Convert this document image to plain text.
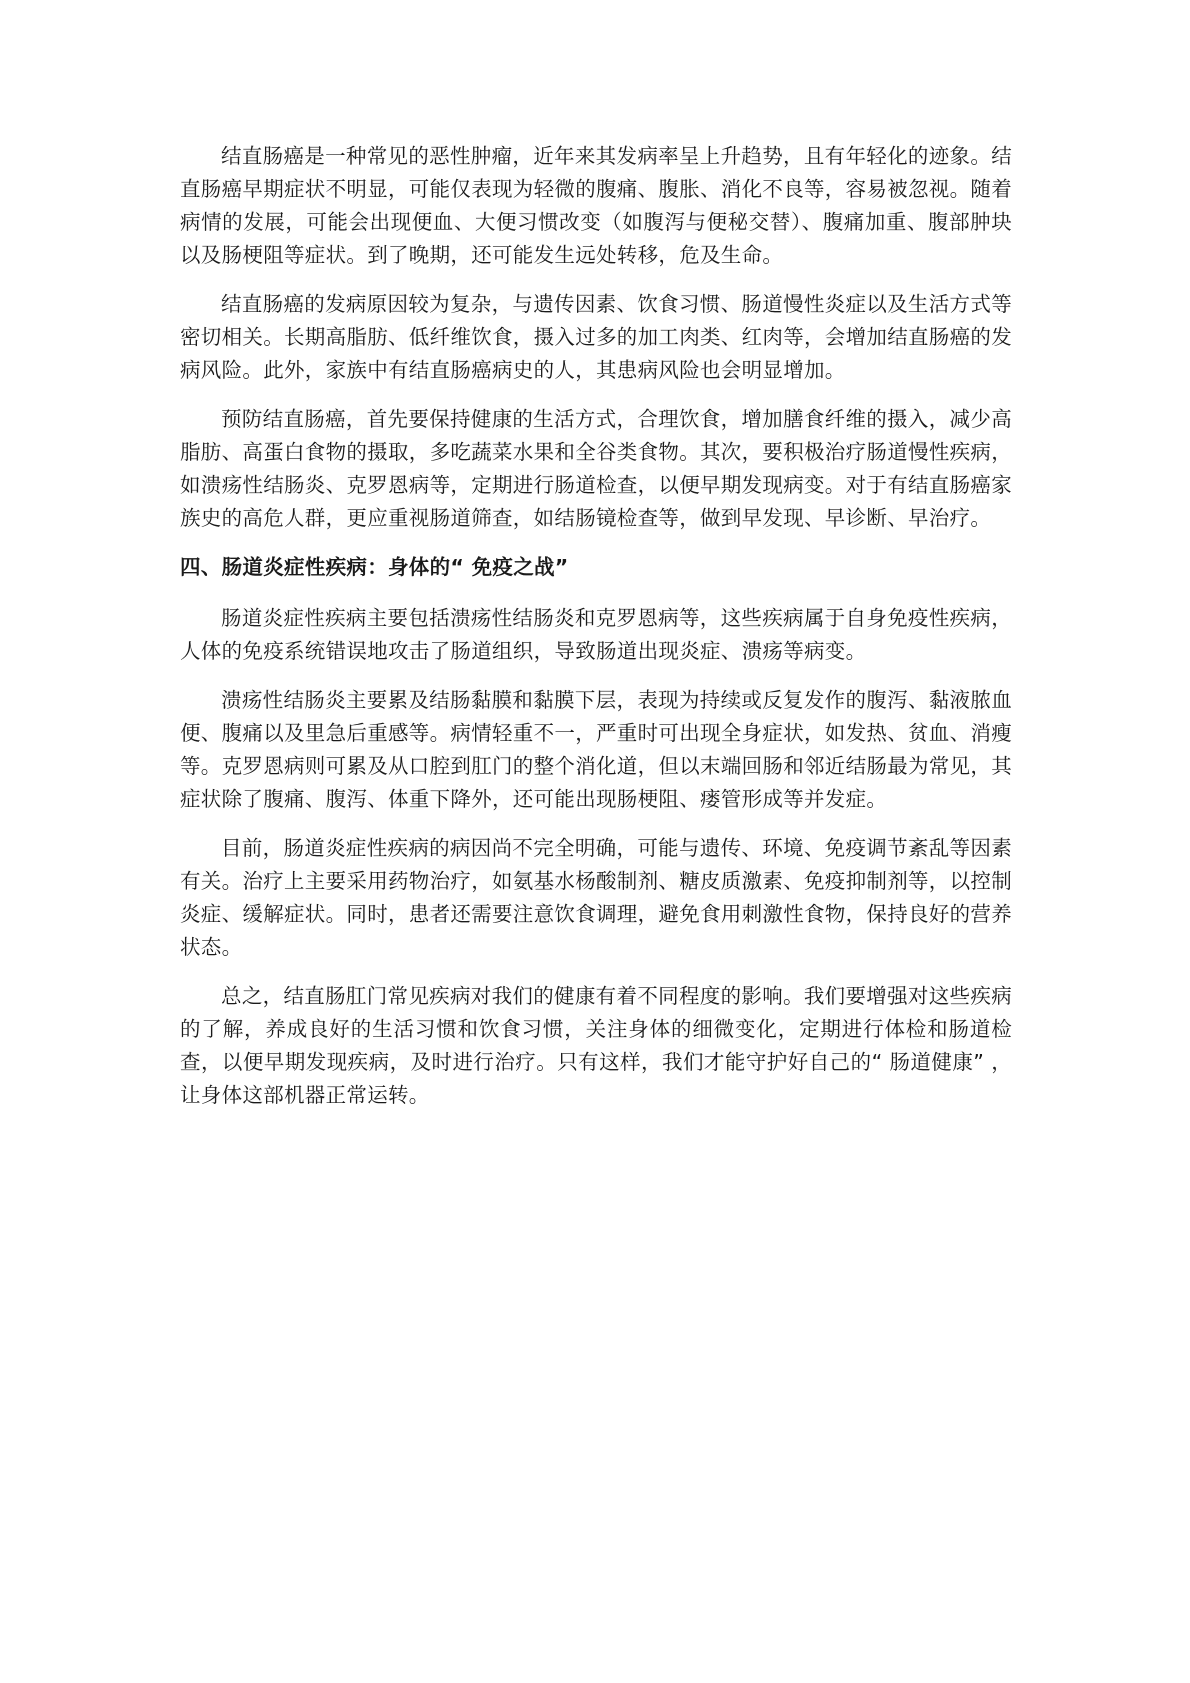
结直肠癌是一种常见的恶性肿瘤，近年来其发病率呈上升趋势，且有年轻化的迹象。结直肠癌早期症状不明显，可能仅表现为轻微的腹痛、腹胀、消化不良等，容易被忽视。随着病情的发展，可能会出现便血、大便习惯改变（如腹泻与便秘交替）、腹痛加重、腹部肿块以及肠梗阻等症状。到了晚期，还可能发生远处转移，危及生命。

结直肠癌的发病原因较为复杂，与遗传因素、饮食习惯、肠道慢性炎症以及生活方式等密切相关。长期高脂肪、低纤维饮食，摄入过多的加工肉类、红肉等，会增加结直肠癌的发病风险。此外，家族中有结直肠癌病史的人，其患病风险也会明显增加。

预防结直肠癌，首先要保持健康的生活方式，合理饮食，增加膳食纤维的摄入，减少高脂肪、高蛋白食物的摄取，多吃蔬菜水果和全谷类食物。其次，要积极治疗肠道慢性疾病，如溃疡性结肠炎、克罗恩病等，定期进行肠道检查，以便早期发现病变。对于有结直肠癌家族史的高危人群，更应重视肠道筛查，如结肠镜检查等，做到早发现、早诊断、早治疗。

四、肠道炎症性疾病：身体的“ 免疫之战”

肠道炎症性疾病主要包括溃疡性结肠炎和克罗恩病等，这些疾病属于自身免疫性疾病，人体的免疫系统错误地攻击了肠道组织，导致肠道出现炎症、溃疡等病变。

溃疡性结肠炎主要累及结肠黏膜和黏膜下层，表现为持续或反复发作的腹泻、黏液脓血便、腹痛以及里急后重感等。病情轻重不一，严重时可出现全身症状，如发热、贫血、消瘦等。克罗恩病则可累及从口腔到肛门的整个消化道，但以末端回肠和邻近结肠最为常见，其症状除了腹痛、腹泻、体重下降外，还可能出现肠梗阻、瘘管形成等并发症。

目前，肠道炎症性疾病的病因尚不完全明确，可能与遗传、环境、免疫调节紊乱等因素有关。治疗上主要采用药物治疗，如氨基水杨酸制剂、糖皮质激素、免疫抑制剂等，以控制炎症、缓解症状。同时，患者还需要注意饮食调理，避免食用刺激性食物，保持良好的营养状态。

总之，结直肠肛门常见疾病对我们的健康有着不同程度的影响。我们要增强对这些疾病的了解，养成良好的生活习惯和饮食习惯，关注身体的细微变化，定期进行体检和肠道检查，以便早期发现疾病，及时进行治疗。只有这样，我们才能守护好自己的“ 肠道健康” ，让身体这部机器正常运转。
